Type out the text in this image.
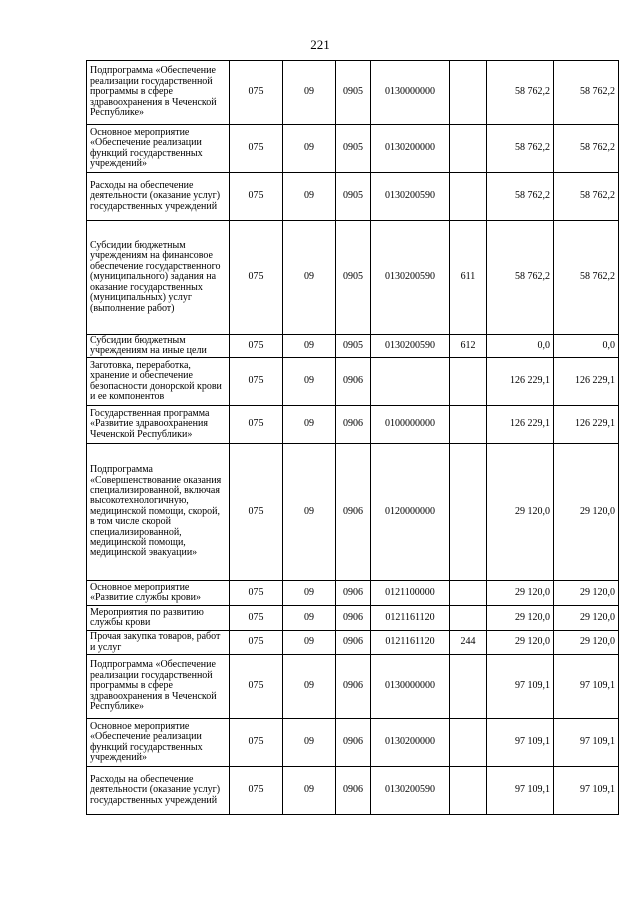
221
Подпрограмма «Обеспечение реализации государственной программы в сфере здравоохранения в Чеченской Республике»	075	09	0905	0130000000		58 762,2	58 762,2
Основное мероприятие «Обеспечение реализации функций государственных учреждений»	075	09	0905	0130200000		58 762,2	58 762,2
Расходы на обеспечение деятельности (оказание услуг) государственных учреждений	075	09	0905	0130200590		58 762,2	58 762,2
Субсидии бюджетным учреждениям на финансовое обеспечение государственного (муниципального) задания на оказание государственных (муниципальных) услуг (выполнение работ)	075	09	0905	0130200590	611	58 762,2	58 762,2
Субсидии бюджетным учреждениям на иные цели	075	09	0905	0130200590	612	0,0	0,0
Заготовка, переработка, хранение и обеспечение безопасности донорской крови и ее компонентов	075	09	0906			126 229,1	126 229,1
Государственная программа «Развитие здравоохранения Чеченской Республики»	075	09	0906	0100000000		126 229,1	126 229,1
Подпрограмма «Совершенствование оказания специализированной, включая высокотехнологичную, медицинской помощи, скорой, в том числе скорой специализированной, медицинской помощи, медицинской эвакуации»	075	09	0906	0120000000		29 120,0	29 120,0
Основное мероприятие «Развитие службы крови»	075	09	0906	0121100000		29 120,0	29 120,0
Мероприятия по развитию службы крови	075	09	0906	0121161120		29 120,0	29 120,0
Прочая закупка товаров, работ и услуг	075	09	0906	0121161120	244	29 120,0	29 120,0
Подпрограмма «Обеспечение реализации государственной программы в сфере здравоохранения в Чеченской Республике»	075	09	0906	0130000000		97 109,1	97 109,1
Основное мероприятие «Обеспечение реализации функций государственных учреждений»	075	09	0906	0130200000		97 109,1	97 109,1
Расходы на обеспечение деятельности (оказание услуг) государственных учреждений	075	09	0906	0130200590		97 109,1	97 109,1
